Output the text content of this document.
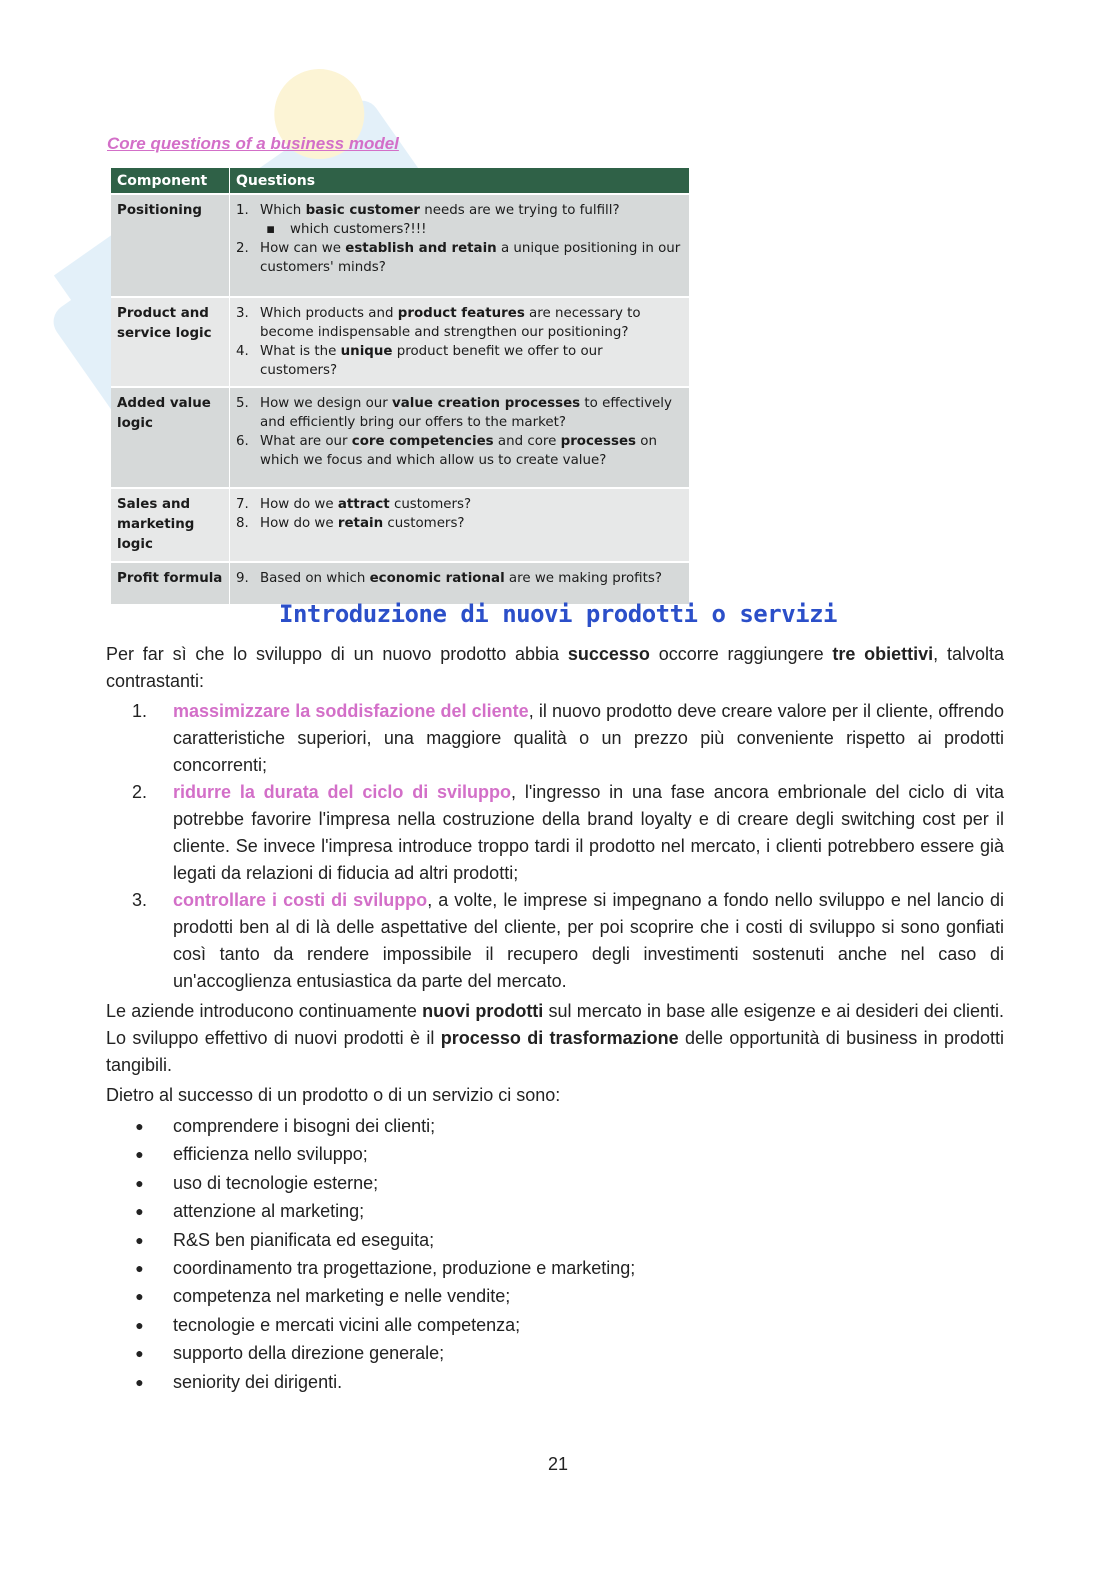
Core questions of a business model
Component	Questions
Positioning	1. Which basic customer needs are we trying to fulfill?
▪ which customers?!!!
2. How can we establish and retain a unique positioning in our customers' minds?

Product and service logic	3. Which products and product features are necessary to become indispensable and strengthen our positioning?
4. What is the unique product benefit we offer to our customers?

Added value logic	5. How we design our value creation processes to effectively and efficiently bring our offers to the market?
6. What are our core competencies and core processes on which we focus and which allow us to create value?

Sales and marketing logic	7. How do we attract customers?
8. How do we retain customers?

Profit formula	9. Based on which economic rational are we making profits?
Introduzione di nuovi prodotti o servizi

Per far sì che lo sviluppo di un nuovo prodotto abbia successo occorre raggiungere tre obiettivi, talvolta contrastanti:

1.	massimizzare la soddisfazione del cliente, il nuovo prodotto deve creare valore per il cliente, offrendo caratteristiche superiori, una maggiore qualità o un prezzo più conveniente rispetto ai prodotti concorrenti;
2.	ridurre la durata del ciclo di sviluppo, l'ingresso in una fase ancora embrionale del ciclo di vita potrebbe favorire l'impresa nella costruzione della brand loyalty e di creare degli switching cost per il cliente. Se invece l'impresa introduce troppo tardi il prodotto nel mercato, i clienti potrebbero essere già legati da relazioni di fiducia ad altri prodotti;
3.	controllare i costi di sviluppo, a volte, le imprese si impegnano a fondo nello sviluppo e nel lancio di prodotti ben al di là delle aspettative del cliente, per poi scoprire che i costi di sviluppo si sono gonfiati così tanto da rendere impossibile il recupero degli investimenti sostenuti anche nel caso di un'accoglienza entusiastica da parte del mercato.

Le aziende introducono continuamente nuovi prodotti sul mercato in base alle esigenze e ai desideri dei clienti. Lo sviluppo effettivo di nuovi prodotti è il processo di trasformazione delle opportunità di business in prodotti tangibili.

Dietro al successo di un prodotto o di un servizio ci sono:

●	comprendere i bisogni dei clienti;
●	efficienza nello sviluppo;
●	uso di tecnologie esterne;
●	attenzione al marketing;
●	R&S ben pianificata ed eseguita;
●	coordinamento tra progettazione, produzione e marketing;
●	competenza nel marketing e nelle vendite;
●	tecnologie e mercati vicini alle competenza;
●	supporto della direzione generale;
●	seniority dei dirigenti.
21
